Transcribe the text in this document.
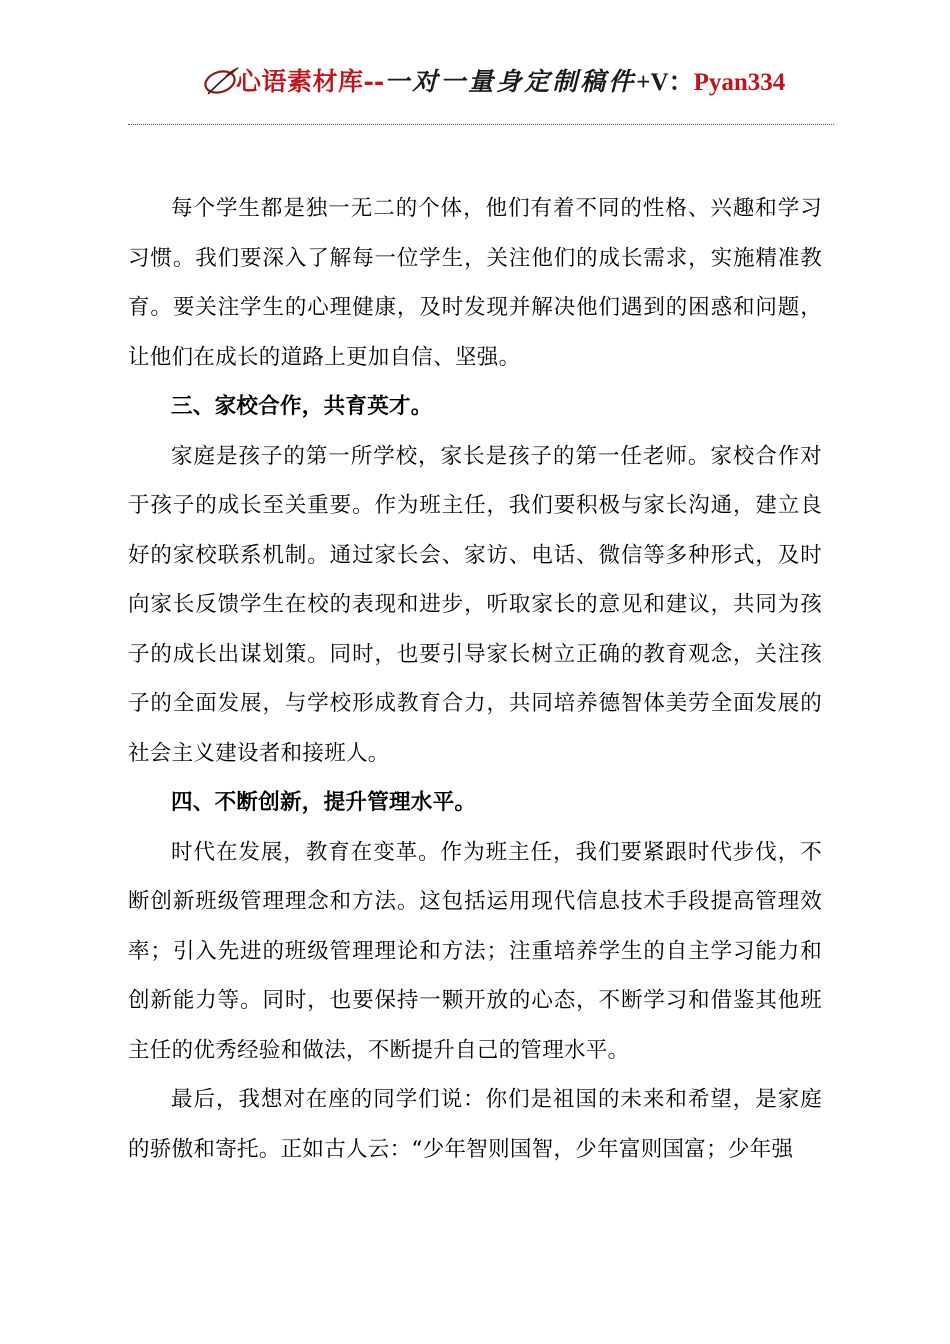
心语素材库--一对一量身定制稿件+V：Pyan334

每个学生都是独一无二的个体，他们有着不同的性格、兴趣和学习习惯。我们要深入了解每一位学生，关注他们的成长需求，实施精准教育。要关注学生的心理健康，及时发现并解决他们遇到的困惑和问题，让他们在成长的道路上更加自信、坚强。

三、家校合作，共育英才。

家庭是孩子的第一所学校，家长是孩子的第一任老师。家校合作对于孩子的成长至关重要。作为班主任，我们要积极与家长沟通，建立良好的家校联系机制。通过家长会、家访、电话、微信等多种形式，及时向家长反馈学生在校的表现和进步，听取家长的意见和建议，共同为孩子的成长出谋划策。同时，也要引导家长树立正确的教育观念，关注孩子的全面发展，与学校形成教育合力，共同培养德智体美劳全面发展的社会主义建设者和接班人。

四、不断创新，提升管理水平。

时代在发展，教育在变革。作为班主任，我们要紧跟时代步伐，不断创新班级管理理念和方法。这包括运用现代信息技术手段提高管理效率；引入先进的班级管理理论和方法；注重培养学生的自主学习能力和创新能力等。同时，也要保持一颗开放的心态，不断学习和借鉴其他班主任的优秀经验和做法，不断提升自己的管理水平。

最后，我想对在座的同学们说：你们是祖国的未来和希望，是家庭的骄傲和寄托。正如古人云：“少年智则国智，少年富则国富；少年强
